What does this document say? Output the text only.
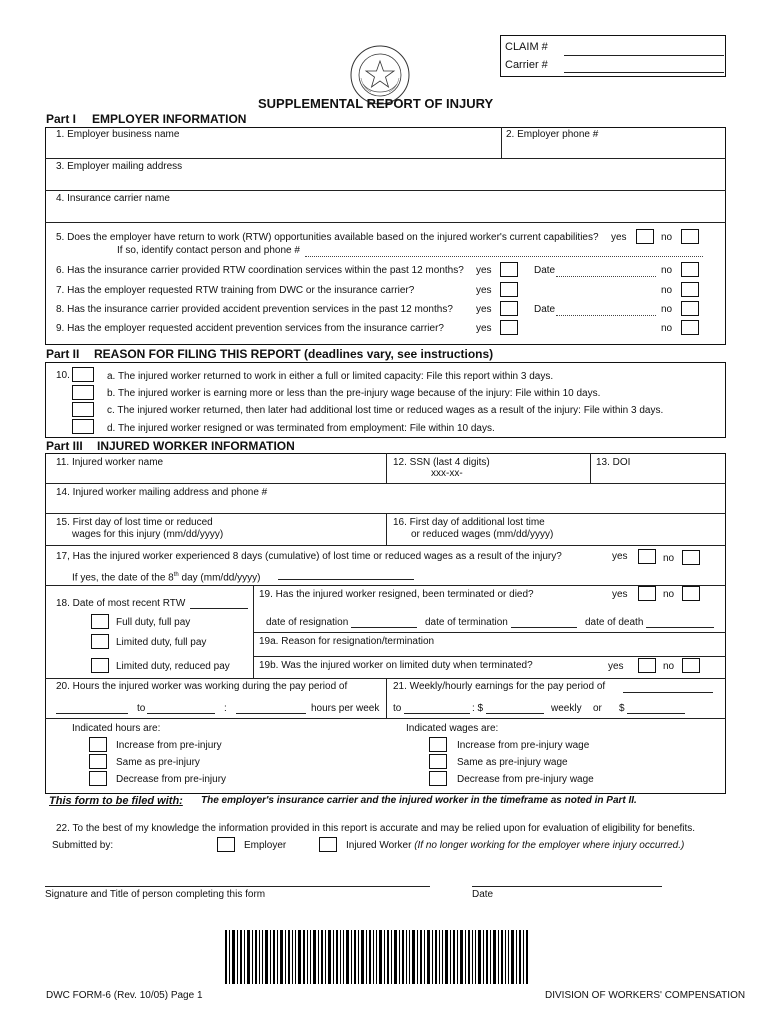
CLAIM #
Carrier #
SUPPLEMENTAL REPORT OF INJURY
Part I EMPLOYER INFORMATION
1. Employer business name	2. Employer phone #
3. Employer mailing address
4. Insurance carrier name
5. Does the employer have return to work (RTW) opportunities available based on the injured worker's current capabilities? yes	no
If so, identify contact person and phone #
6. Has the insurance carrier provided RTW coordination services within the past 12 months? yes	Date	no
7. Has the employer requested RTW training from DWC or the insurance carrier?	yes	no
8. Has the insurance carrier provided accident prevention services in the past 12 months? yes	Date	no
9. Has the employer requested accident prevention services from the insurance carrier?	yes	no
Part II REASON FOR FILING THIS REPORT (deadlines vary, see instructions)
10.	a. The injured worker returned to work in either a full or limited capacity: File this report within 3 days.
b. The injured worker is earning more or less than the pre-injury wage because of the injury: File within 10 days.
c. The injured worker returned, then later had additional lost time or reduced wages as a result of the injury: File within 3 days.
d. The injured worker resigned or was terminated from employment: File within 10 days.
Part III INJURED WORKER INFORMATION
11. Injured worker name	12. SSN (last 4 digits)
xxx-xx-
13. DOI
14. Injured worker mailing address and phone #
15. First day of lost time or reduced
wages for this injury (mm/dd/yyyy)
16. First day of additional lost time
or reduced wages (mm/dd/yyyy)
17, Has the injured worker experienced 8 days (cumulative) of lost time or reduced wages as a result of the injury?	yes	no
If yes, the date of the 8th day (mm/dd/yyyy)
18. Date of most recent RTW
Full duty, full pay
Limited duty, full pay
Limited duty, reduced pay
19. Has the injured worker resigned, been terminated or died?	yes	no
date of resignation	date of termination	date of death
19a. Reason for resignation/termination
19b. Was the injured worker on limited duty when terminated?	yes	no
20. Hours the injured worker was working during the pay period of
to	:	hours per week
21. Weekly/hourly earnings for the pay period of
to	: $	weekly or $
Indicated hours are:
Increase from pre-injury
Same as pre-injury
Decrease from pre-injury
Indicated wages are:
Increase from pre-injury wage
Same as pre-injury wage
Decrease from pre-injury wage
This form to be filed with: The employer's insurance carrier and the injured worker in the timeframe as noted in Part II.
22. To the best of my knowledge the information provided in this report is accurate and may be relied upon for evaluation of eligibility for benefits.
Submitted by:	Employer	Injured Worker (If no longer working for the employer where injury occurred.)
Signature and Title of person completing this form	Date
DWC FORM-6 (Rev. 10/05) Page 1	DIVISION OF WORKERS' COMPENSATION
